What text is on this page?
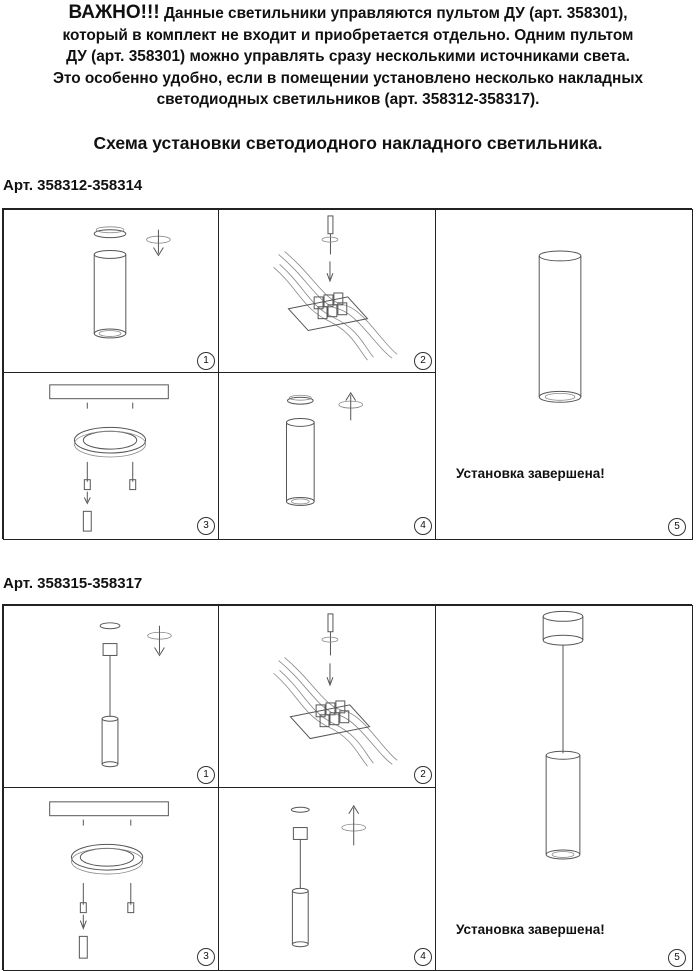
ВАЖНО!!! Данные светильники управляются пультом ДУ (арт. 358301),
который в комплект не входит и приобретается отдельно. Одним пультом
ДУ (арт. 358301) можно управлять сразу несколькими источниками света.
Это особенно удобно, если в помещении установлено несколько накладных
светодиодных светильников (арт. 358312-358317).
Схема установки светодиодного накладного светильника.
Арт. 358312-358314
1	2
3	4
Установка завершена!
5
Арт. 358315-358317
1	2
3	4
Установка завершена!
5
